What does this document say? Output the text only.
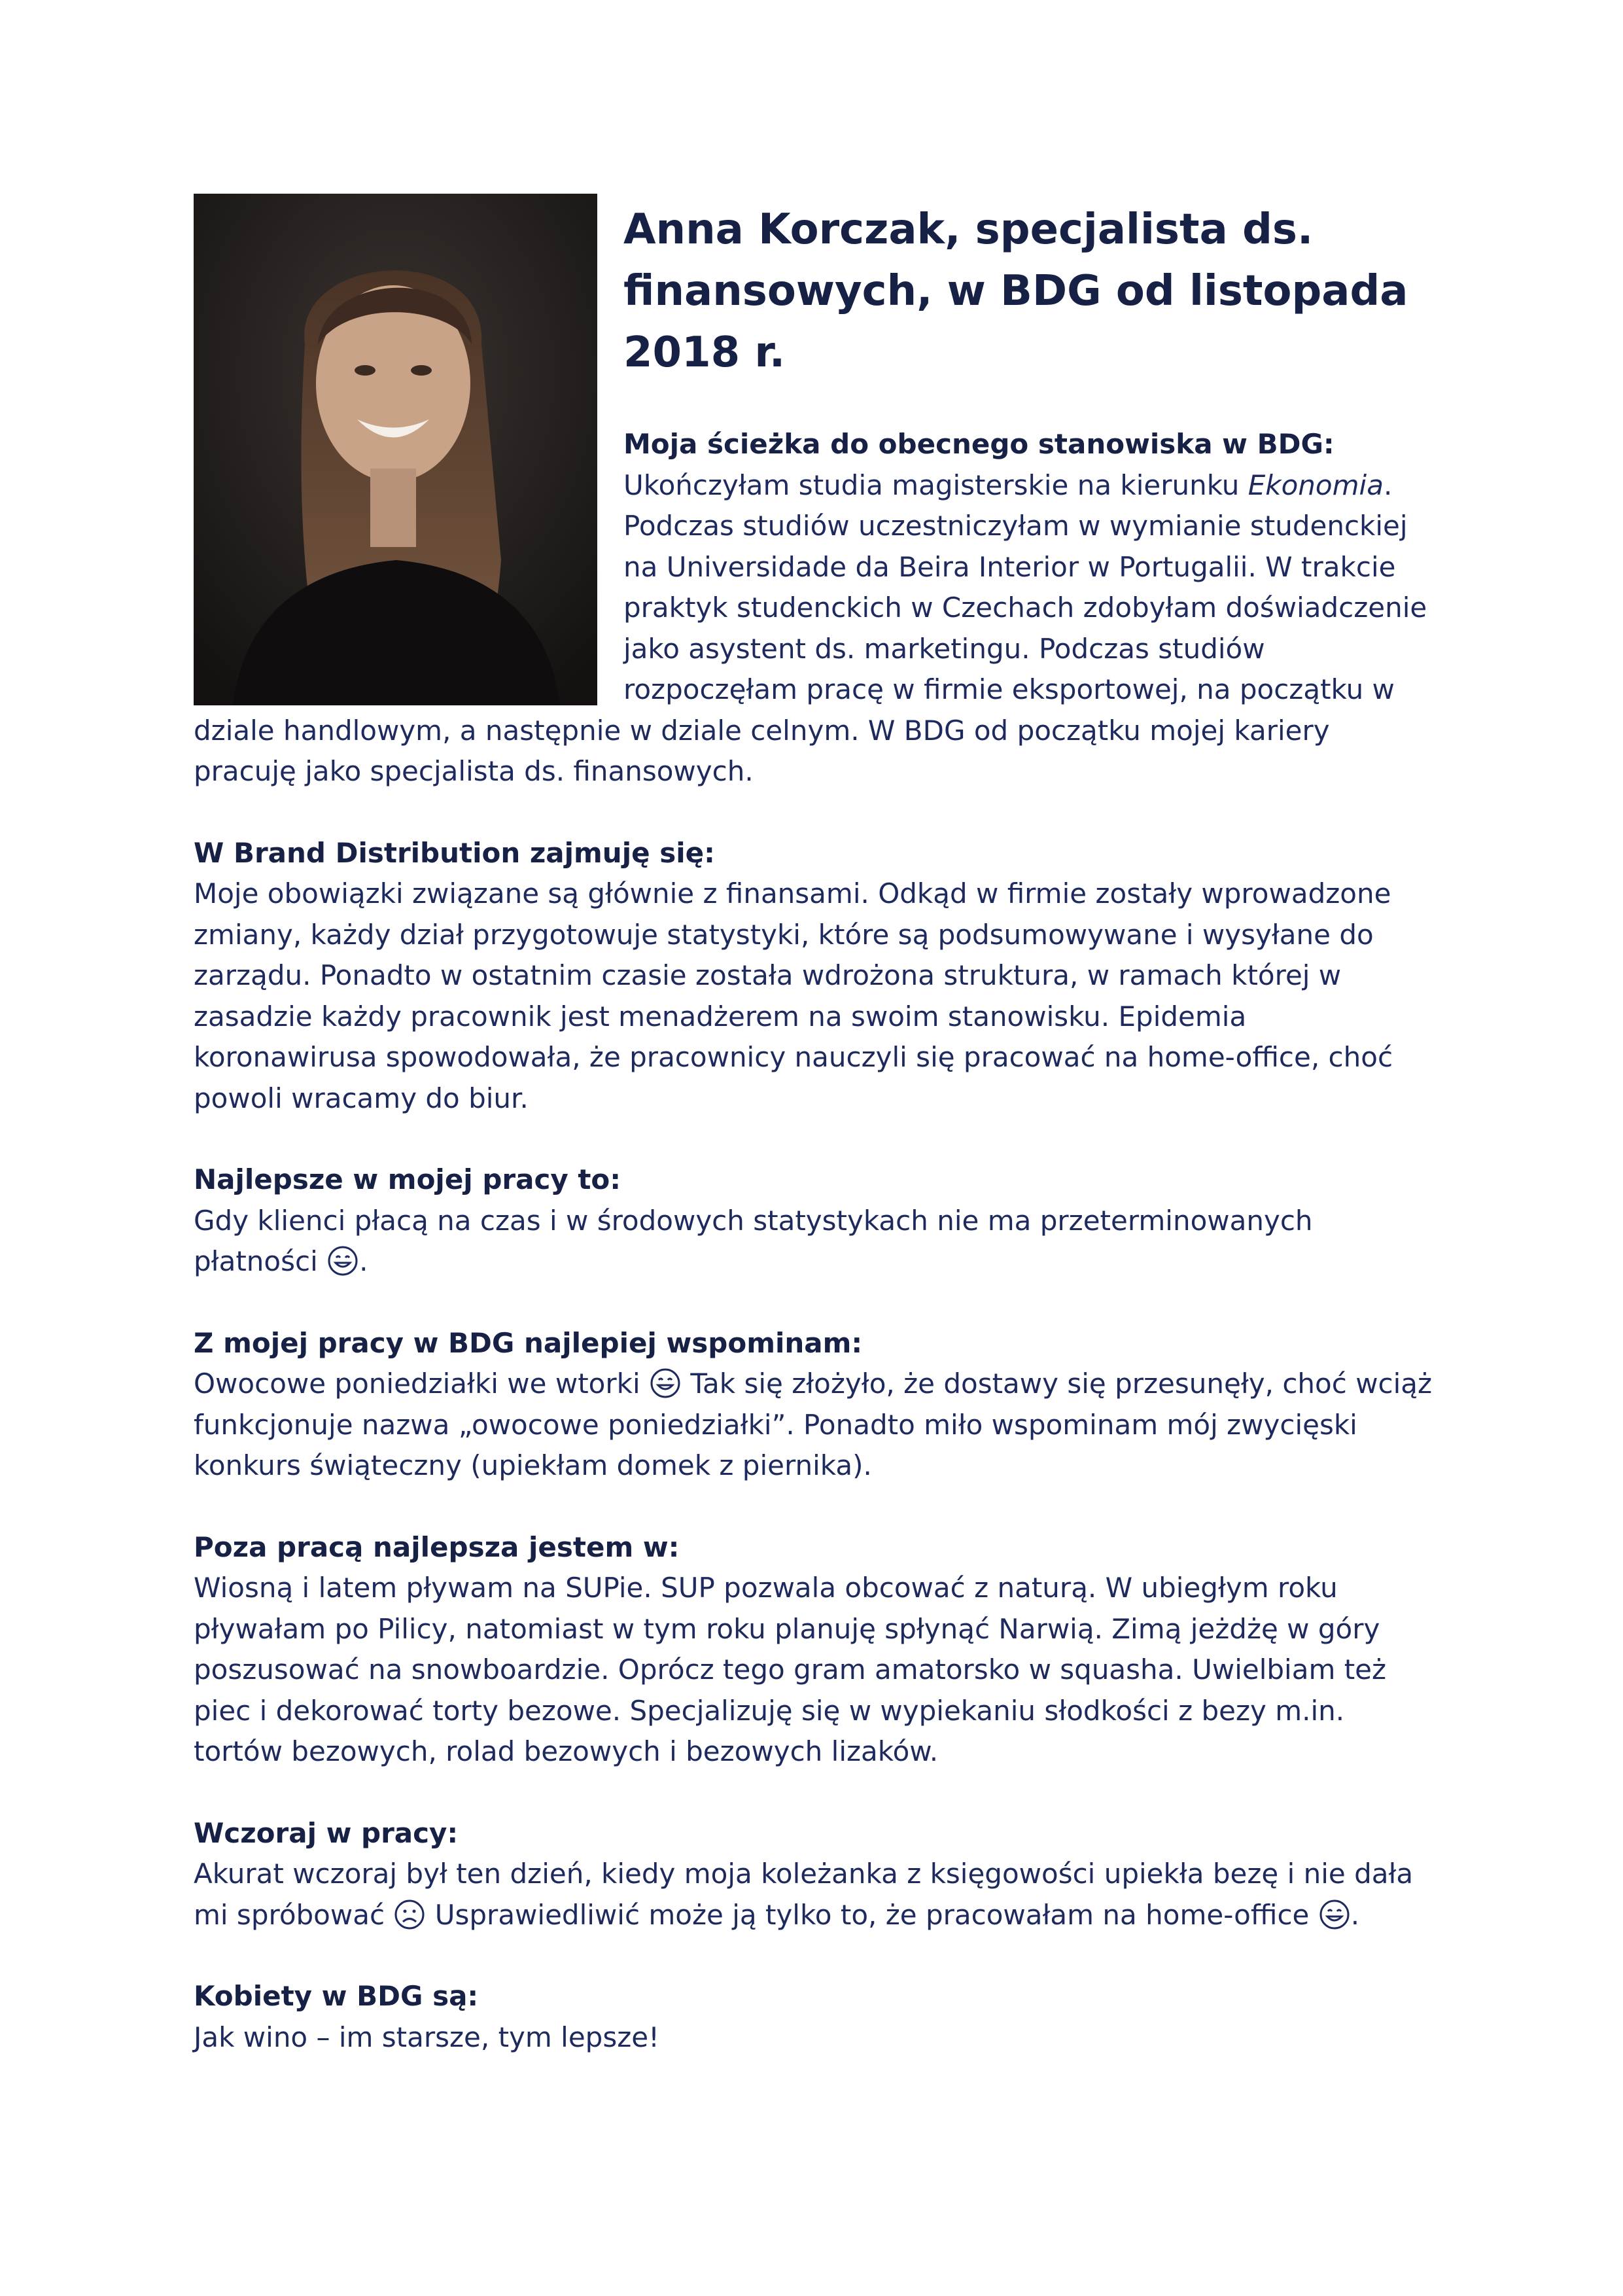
Anna Korczak, specjalista ds. finansowych, w BDG od listopada 2018 r.
Moja ścieżka do obecnego stanowiska w BDG:

Ukończyłam studia magisterskie na kierunku Ekonomia. Podczas studiów uczestniczyłam w wymianie studenckiej na Universidade da Beira Interior w Portugalii. W trakcie praktyk studenckich w Czechach zdobyłam doświadczenie jako asystent ds. marketingu. Podczas studiów rozpoczęłam pracę w firmie eksportowej, na początku w dziale handlowym, a następnie w dziale celnym. W BDG od początku mojej kariery pracuję jako specjalista ds. finansowych.

W Brand Distribution zajmuję się:

Moje obowiązki związane są głównie z finansami. Odkąd w firmie zostały wprowadzone zmiany, każdy dział przygotowuje statystyki, które są podsumowywane i wysyłane do zarządu. Ponadto w ostatnim czasie została wdrożona struktura, w ramach której w zasadzie każdy pracownik jest menadżerem na swoim stanowisku. Epidemia koronawirusa spowodowała, że pracownicy nauczyli się pracować na home-office, choć powoli wracamy do biur.

Najlepsze w mojej pracy to:

Gdy klienci płacą na czas i w środowych statystykach nie ma przeterminowanych płatności .

Z mojej pracy w BDG najlepiej wspominam:

Owocowe poniedziałki we wtorki
Tak się złożyło, że dostawy się przesunęły, choć wciąż funkcjonuje nazwa „owocowe poniedziałki”. Ponadto miło wspominam mój zwycięski konkurs świąteczny (upiekłam domek z piernika).

Poza pracą najlepsza jestem w:

Wiosną i latem pływam na SUPie. SUP pozwala obcować z naturą. W ubiegłym roku pływałam po Pilicy, natomiast w tym roku planuję spłynąć Narwią. Zimą jeżdżę w góry poszusować na snowboardzie. Oprócz tego gram amatorsko w squasha. Uwielbiam też piec i dekorować torty bezowe. Specjalizuję się w wypiekaniu słodkości z bezy m.in. tortów bezowych, rolad bezowych i bezowych lizaków.

Wczoraj w pracy:

Akurat wczoraj był ten dzień, kiedy moja koleżanka z księgowości upiekła bezę i nie dała mi spróbować
Usprawiedliwić może ją tylko to, że pracowałam na home-office .

Kobiety w BDG są:

Jak wino – im starsze, tym lepsze!
